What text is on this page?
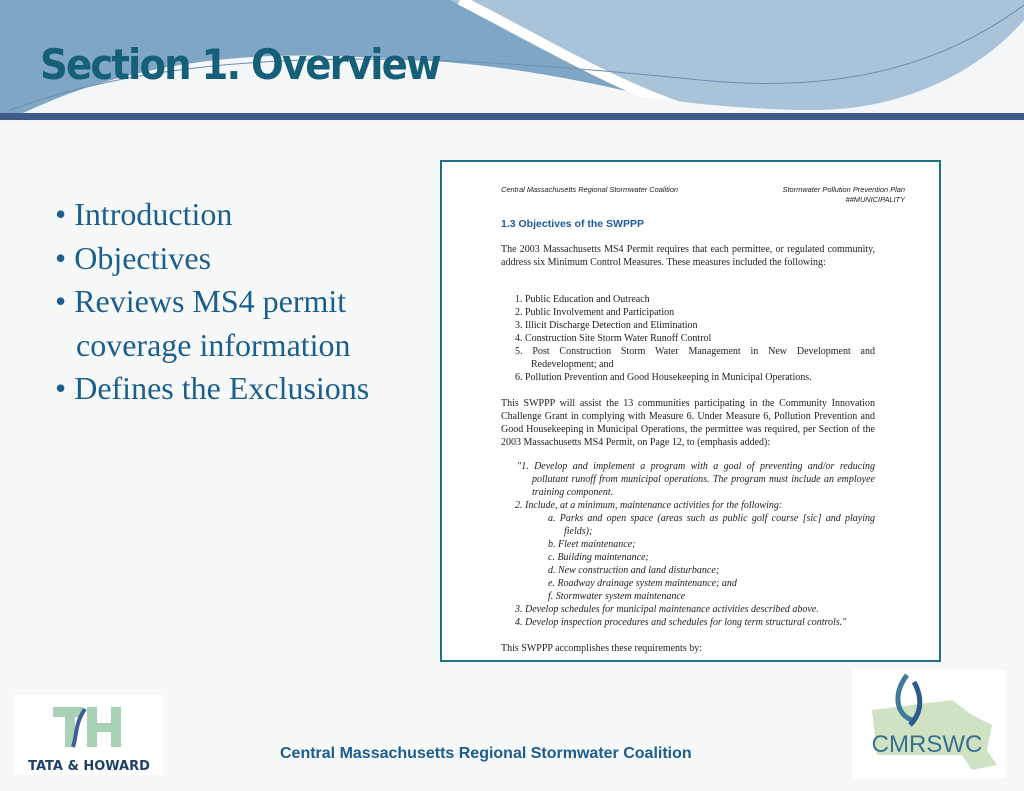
Section 1. Overview
• Introduction
• Objectives
• Reviews MS4 permit coverage information
• Defines the Exclusions
Central Massachusetts Regional Stormwater Coalition	Stormwater Pollution Prevention Plan
##MUNICIPALITY
1.3 Objectives of the SWPPP
The 2003 Massachusetts MS4 Permit requires that each permittee, or regulated community, address six Minimum Control Measures. These measures included the following:
1. Public Education and Outreach
2. Public Involvement and Participation
3. Illicit Discharge Detection and Elimination
4. Construction Site Storm Water Runoff Control
5. Post Construction Storm Water Management in New Development and Redevelopment; and
6. Pollution Prevention and Good Housekeeping in Municipal Operations.
This SWPPP will assist the 13 communities participating in the Community Innovation Challenge Grant in complying with Measure 6. Under Measure 6, Pollution Prevention and Good Housekeeping in Municipal Operations, the permittee was required, per Section of the 2003 Massachusetts MS4 Permit, on Page 12, to (emphasis added):
"1. Develop and implement a program with a goal of preventing and/or reducing pollutant runoff from municipal operations. The program must include an employee training component.
2. Include, at a minimum, maintenance activities for the following:
a. Parks and open space (areas such as public golf course [sic] and playing fields);
b. Fleet maintenance;
c. Building maintenance;
d. New construction and land disturbance;
e. Roadway drainage system maintenance; and
f. Stormwater system maintenance
3. Develop schedules for municipal maintenance activities described above.
4. Develop inspection procedures and schedules for long term structural controls."
This SWPPP accomplishes these requirements by:
TATA & HOWARD
Central Massachusetts Regional Stormwater Coalition	CMRSWC
